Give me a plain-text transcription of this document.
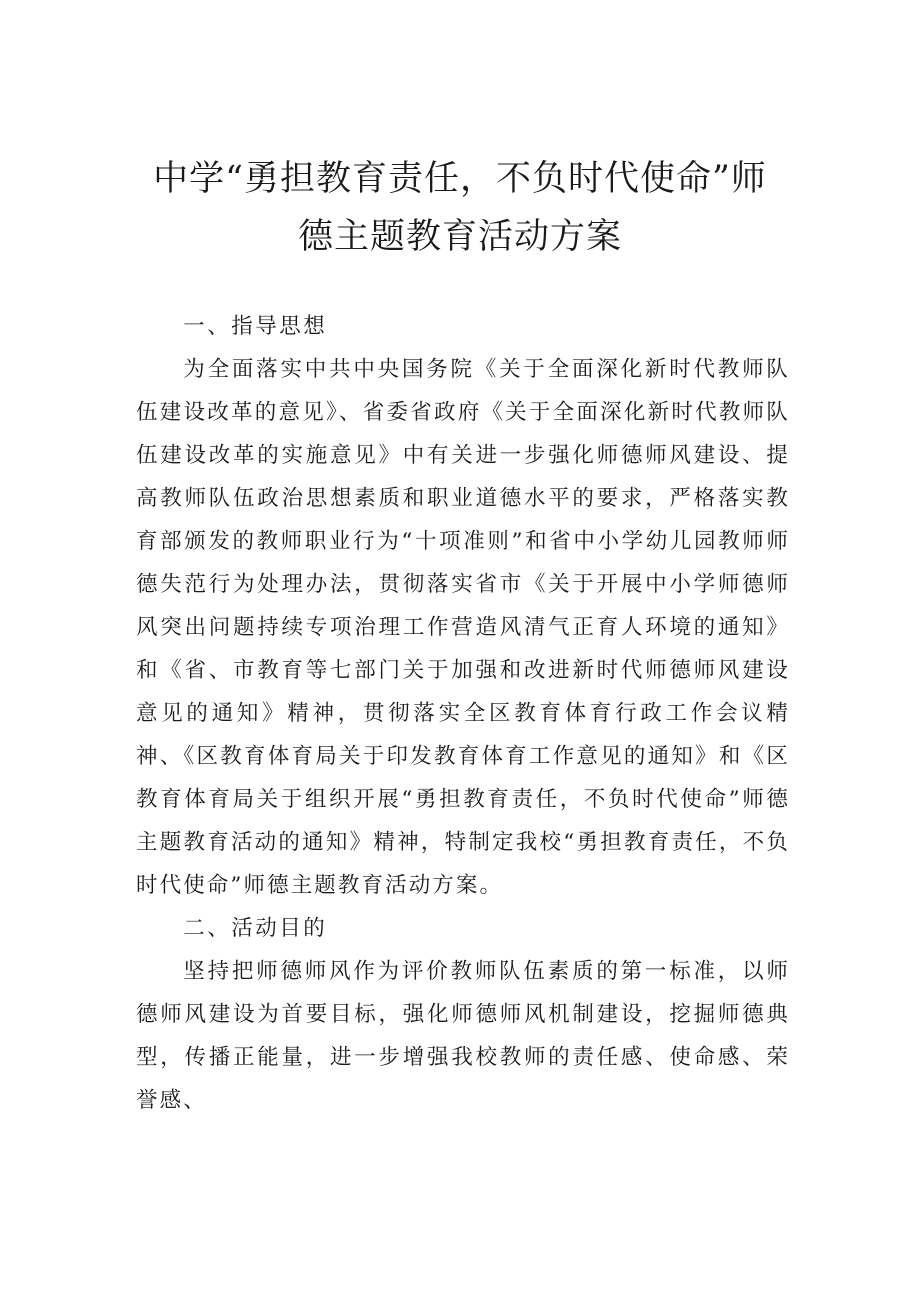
中学“勇担教育责任，不负时代使命”师
德主题教育活动方案

一、指导思想

为全面落实中共中央国务院《关于全面深化新时代教师队伍建设改革的意见》、省委省政府《关于全面深化新时代教师队伍建设改革的实施意见》中有关进一步强化师德师风建设、提高教师队伍政治思想素质和职业道德水平的要求，严格落实教育部颁发的教师职业行为“十项准则”和省中小学幼儿园教师师德失范行为处理办法，贯彻落实省市《关于开展中小学师德师风突出问题持续专项治理工作营造风清气正育人环境的通知》和《省、市教育等七部门关于加强和改进新时代师德师风建设意见的通知》精神，贯彻落实全区教育体育行政工作会议精神、《区教育体育局关于印发教育体育工作意见的通知》和《区教育体育局关于组织开展“勇担教育责任，不负时代使命”师德主题教育活动的通知》精神，特制定我校“勇担教育责任，不负时代使命”师德主题教育活动方案。

二、活动目的

坚持把师德师风作为评价教师队伍素质的第一标准，以师德师风建设为首要目标，强化师德师风机制建设，挖掘师德典型，传播正能量，进一步增强我校教师的责任感、使命感、荣誉感、
